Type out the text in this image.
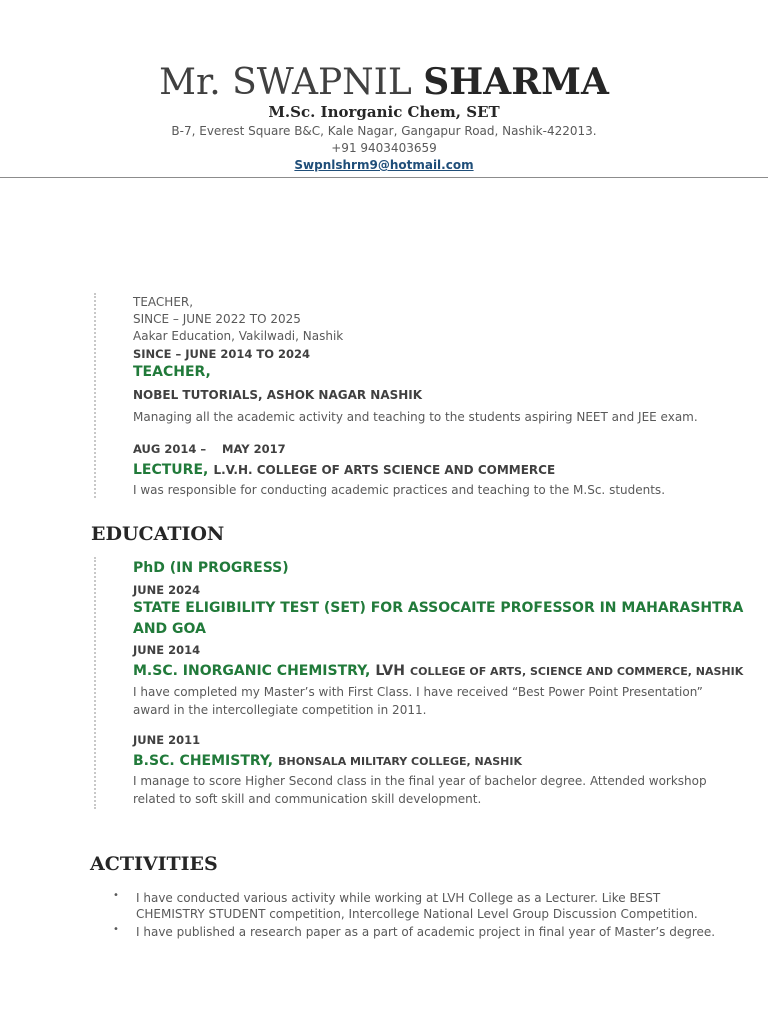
Mr. SWAPNIL SHARMA
M.Sc. Inorganic Chem, SET
B-7, Everest Square B&C, Kale Nagar, Gangapur Road, Nashik-422013.
+91 9403403659
Swpnlshrm9@hotmail.com
TEACHER,
SINCE – JUNE 2022 TO 2025
Aakar Education, Vakilwadi, Nashik
SINCE – JUNE 2014 TO 2024
TEACHER,
NOBEL TUTORIALS, ASHOK NAGAR NASHIK
Managing all the academic activity and teaching to the students aspiring NEET and JEE exam.
AUG 2014 – MAY 2017
LECTURE, L.V.H. COLLEGE OF ARTS SCIENCE AND COMMERCE
I was responsible for conducting academic practices and teaching to the M.Sc. students.
EDUCATION
PhD (IN PROGRESS)
JUNE 2024
STATE ELIGIBILITY TEST (SET) FOR ASSOCAITE PROFESSOR IN MAHARASHTRA
AND GOA
JUNE 2014
M.SC. INORGANIC CHEMISTRY, LVH COLLEGE OF ARTS, SCIENCE AND COMMERCE, NASHIK
I have completed my Master’s with First Class. I have received “Best Power Point Presentation”
award in the intercollegiate competition in 2011.
JUNE 2011
B.SC. CHEMISTRY, BHONSALA MILITARY COLLEGE, NASHIK
I manage to score Higher Second class in the final year of bachelor degree. Attended workshop
related to soft skill and communication skill development.
ACTIVITIES
• I have conducted various activity while working at LVH College as a Lecturer. Like BEST
CHEMISTRY STUDENT competition, Intercollege National Level Group Discussion Competition.
• I have published a research paper as a part of academic project in final year of Master’s degree.
